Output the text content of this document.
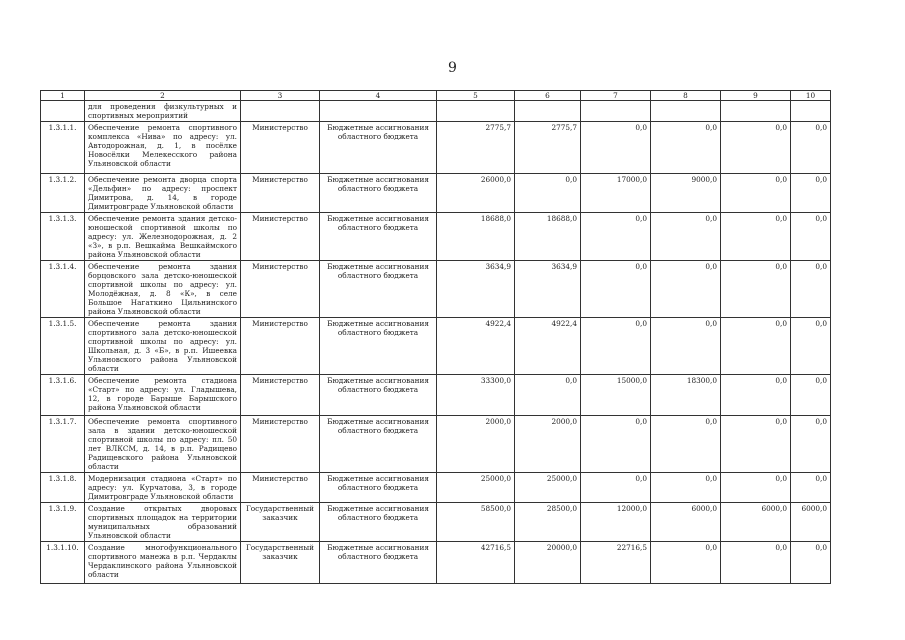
9
1	2	3	4	5	6	7	8	9	10
	для проведения физкультурных и спортивных мероприятий								
1.3.1.1.	Обеспечение ремонта спортивного комплекса «Нива» по адресу: ул. Автодорожная, д. 1, в посёлке Новосёлки Мелекесского района Ульяновской области	Министерство	Бюджетные ассигнования областного бюджета	2775,7	2775,7	0,0	0,0	0,0	0,0
1.3.1.2.	Обеспечение ремонта дворца спорта «Дельфин» по адресу: проспект Димитрова, д. 14, в городе Димитровграде Ульяновской области	Министерство	Бюджетные ассигнования областного бюджета	26000,0	0,0	17000,0	9000,0	0,0	0,0
1.3.1.3.	Обеспечение ремонта здания детско-юношеской спортивной школы по адресу: ул. Железнодорожная, д. 2 «З», в р.п. Вешкайма Вешкаймского района Ульяновской области	Министерство	Бюджетные ассигнования областного бюджета	18688,0	18688,0	0,0	0,0	0,0	0,0
1.3.1.4.	Обеспечение ремонта здания борцовского зала детско-юношеской спортивной школы по адресу: ул. Молодёжная, д. 8 «К», в селе Большое Нагаткино Цильнинского района Ульяновской области	Министерство	Бюджетные ассигнования областного бюджета	3634,9	3634,9	0,0	0,0	0,0	0,0
1.3.1.5.	Обеспечение ремонта здания спортивного зала детско-юношеской спортивной школы по адресу: ул. Школьная, д. 3 «Б», в р.п. Ишеевка Ульяновского района Ульяновской области	Министерство	Бюджетные ассигнования областного бюджета	4922,4	4922,4	0,0	0,0	0,0	0,0
1.3.1.6.	Обеспечение ремонта стадиона «Старт» по адресу: ул. Гладышева, 12, в городе Барыше Барышского района Ульяновской области	Министерство	Бюджетные ассигнования областного бюджета	33300,0	0,0	15000,0	18300,0	0,0	0,0
1.3.1.7.	Обеспечение ремонта спортивного зала в здании детско-юношеской спортивной школы по адресу: пл. 50 лет ВЛКСМ, д. 14, в р.п. Радищево Радищевского района Ульяновской области	Министерство	Бюджетные ассигнования областного бюджета	2000,0	2000,0	0,0	0,0	0,0	0,0
1.3.1.8.	Модернизация стадиона «Старт» по адресу: ул. Курчатова, 3, в городе Димитровграде Ульяновской области	Министерство	Бюджетные ассигнования областного бюджета	25000,0	25000,0	0,0	0,0	0,0	0,0
1.3.1.9.	Создание открытых дворовых спортивных площадок на территории муниципальных образований Ульяновской области	Государственный заказчик	Бюджетные ассигнования областного бюджета	58500,0	28500,0	12000,0	6000,0	6000,0	6000,0
1.3.1.10.	Создание многофункционального спортивного манежа в р.п. Чердаклы Чердаклинского района Ульяновской области	Государственный заказчик	Бюджетные ассигнования областного бюджета	42716,5	20000,0	22716,5	0,0	0,0	0,0
